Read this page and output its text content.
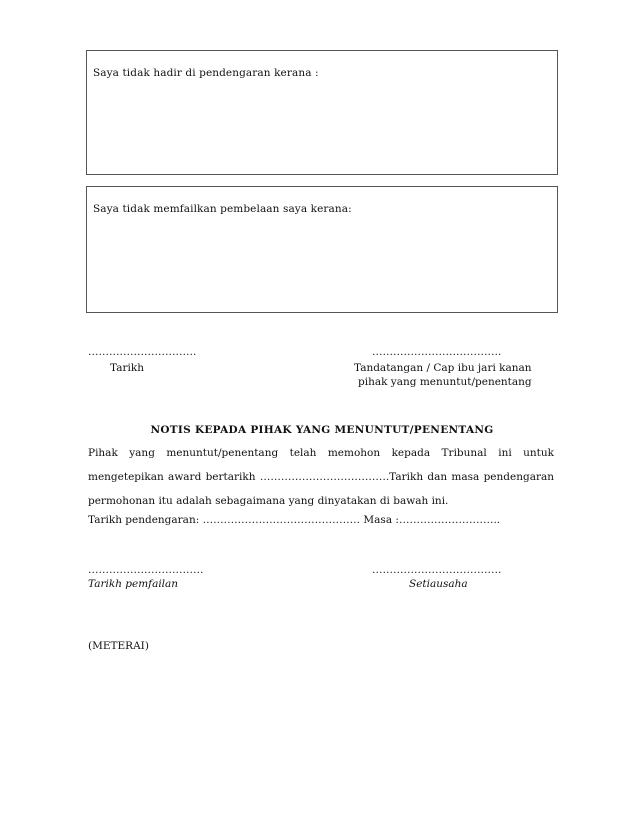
Saya tidak hadir di pendengaran kerana :
Saya tidak memfailkan pembelaan saya kerana:
………………………….
Tarikh
……………………………….
Tandatangan / Cap ibu jari kanan
pihak yang menuntut/penentang
NOTIS KEPADA PIHAK YANG MENUNTUT/PENENTANG
Pihak yang menuntut/penentang telah memohon kepada Tribunal ini untuk
mengetepikan award bertarikh ……………………………….Tarikh dan masa pendengaran
permohonan itu adalah sebagaimana yang dinyatakan di bawah ini.
Tarikh pendengaran: ……………………………………… Masa :………………………..
……………………………
Tarikh pemfailan
……………………………….
Setiausaha
(METERAI)
